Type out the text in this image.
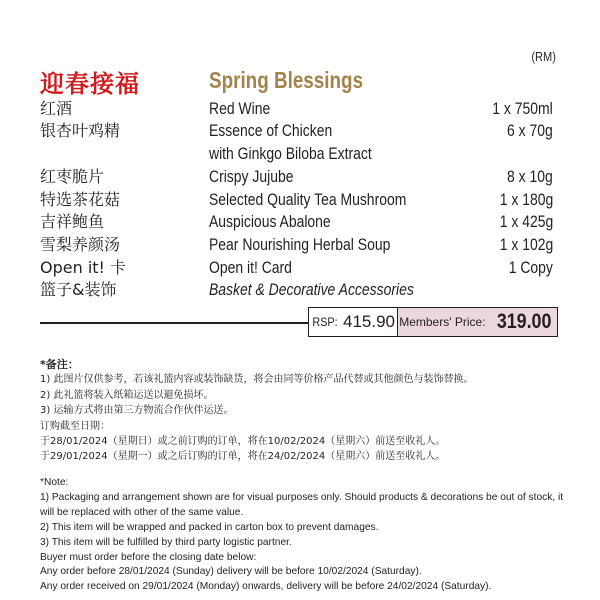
(RM)
迎春接福	Spring Blessings
红酒	Red Wine	1 x 750ml
银杏叶鸡精	Essence of Chicken	6 x 70g
with Ginkgo Biloba Extract
红枣脆片	Crispy Jujube	8 x 10g
特选茶花菇	Selected Quality Tea Mushroom	1 x 180g
吉祥鲍鱼	Auspicious Abalone	1 x 425g
雪梨养颜汤	Pear Nourishing Herbal Soup	1 x 102g
Open it! 卡	Open it! Card	1 Copy
篮子&装饰	Basket & Decorative Accessories
RSP: 415.90 Members' Price: 319.00
*备注：
1) 此图片仅供参考，若该礼篮内容或装饰缺货，将会由同等价格产品代替或其他颜色与装饰替换。
2) 此礼篮将装入纸箱运送以避免损坏。
3) 运输方式将由第三方物流合作伙伴运送。
订购截至日期：
于28/01/2024（星期日）或之前订购的订单，将在10/02/2024（星期六）前送至收礼人。
于29/01/2024（星期一）或之后订购的订单，将在24/02/2024（星期六）前送至收礼人。
*Note:
1) Packaging and arrangement shown are for visual purposes only. Should products & decorations be out of stock, it will be replaced with other of the same value.
2) This item will be wrapped and packed in carton box to prevent damages.
3) This item will be fulfilled by third party logistic partner.
Buyer must order before the closing date below:
Any order before 28/01/2024 (Sunday) delivery will be before 10/02/2024 (Saturday).
Any order received on 29/01/2024 (Monday) onwards, delivery will be before 24/02/2024 (Saturday).
